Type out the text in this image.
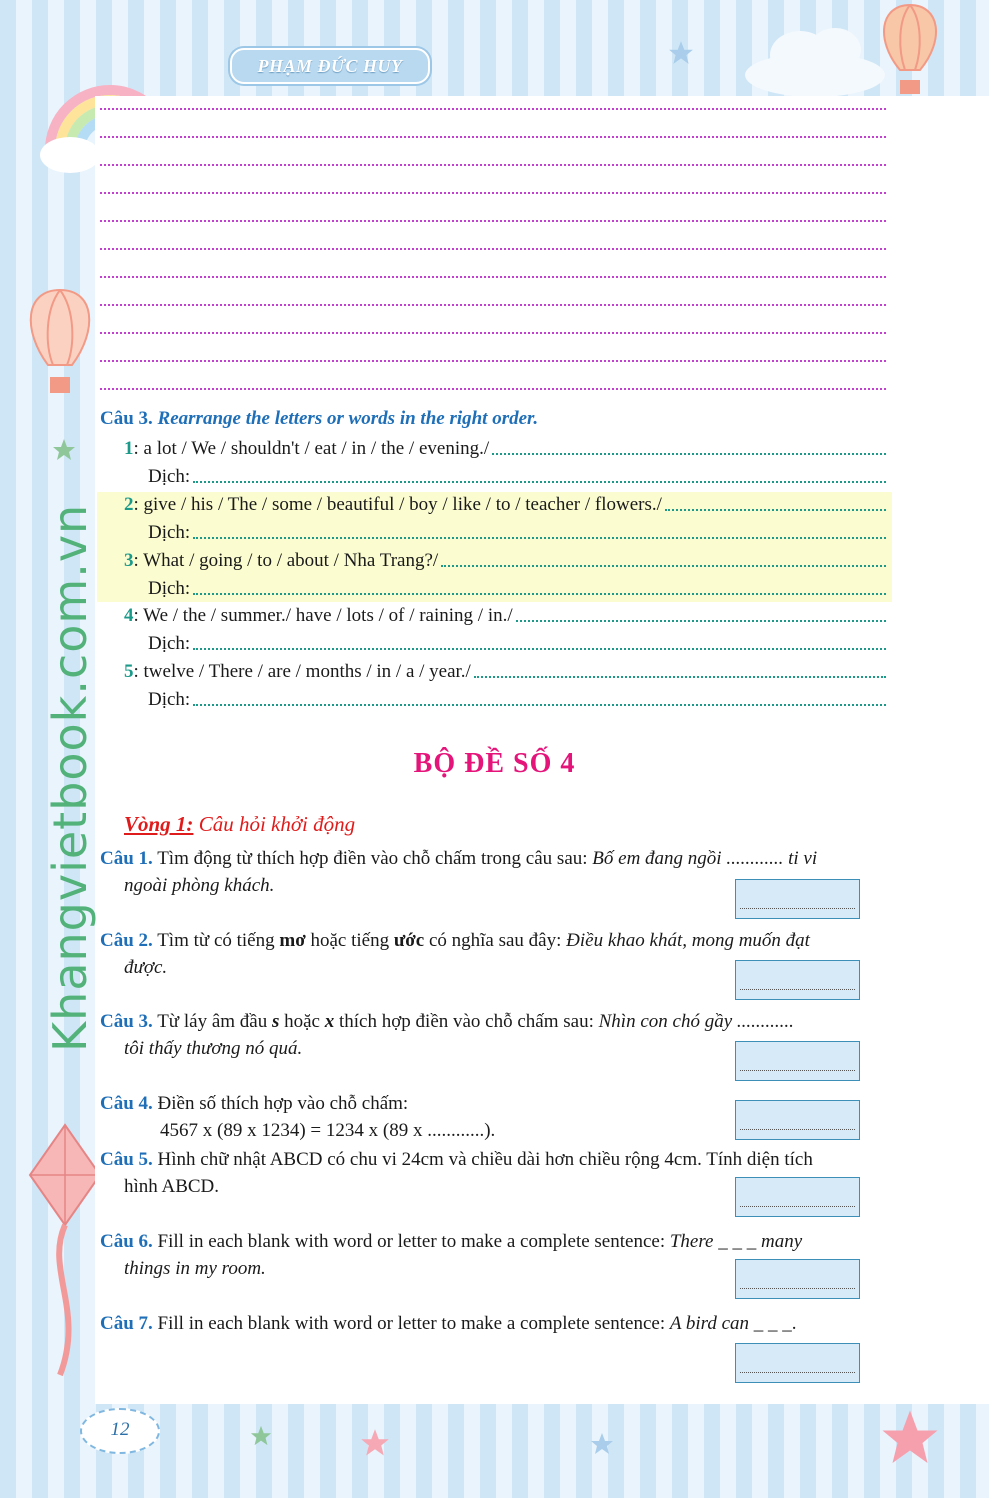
PHẠM ĐỨC HUY
Khangvietbook.com.vn
Câu 3. Rearrange the letters or words in the right order.
1 : a lot / We / shouldn't / eat / in / the / evening./
Dịch:
2 : give / his / The / some / beautiful / boy / like / to / teacher / flowers./
Dịch:
3 : What / going / to / about / Nha Trang?/
Dịch:
4 : We / the / summer./ have / lots / of / raining / in./
Dịch:
5 : twelve / There / are / months / in / a / year./
Dịch:
BỘ ĐỀ SỐ 4
Vòng 1: Câu hỏi khởi động
Câu 1. Tìm động từ thích hợp điền vào chỗ chấm trong câu sau: Bố em đang ngồi ............ ti vi
ngoài phòng khách.
Câu 2. Tìm từ có tiếng mơ hoặc tiếng ước có nghĩa sau đây: Điều khao khát, mong muốn đạt
được.
Câu 3. Từ láy âm đầu s hoặc x thích hợp điền vào chỗ chấm sau: Nhìn con chó gầy ............
tôi thấy thương nó quá.
Câu 4. Điền số thích hợp vào chỗ chấm:
4567 x (89 x 1234) = 1234 x (89 x ............).
Câu 5. Hình chữ nhật ABCD có chu vi 24cm và chiều dài hơn chiều rộng 4cm. Tính diện tích
hình ABCD.
Câu 6. Fill in each blank with word or letter to make a complete sentence: There _ _ _ many
things in my room.
Câu 7. Fill in each blank with word or letter to make a complete sentence: A bird can _ _ _.
12
